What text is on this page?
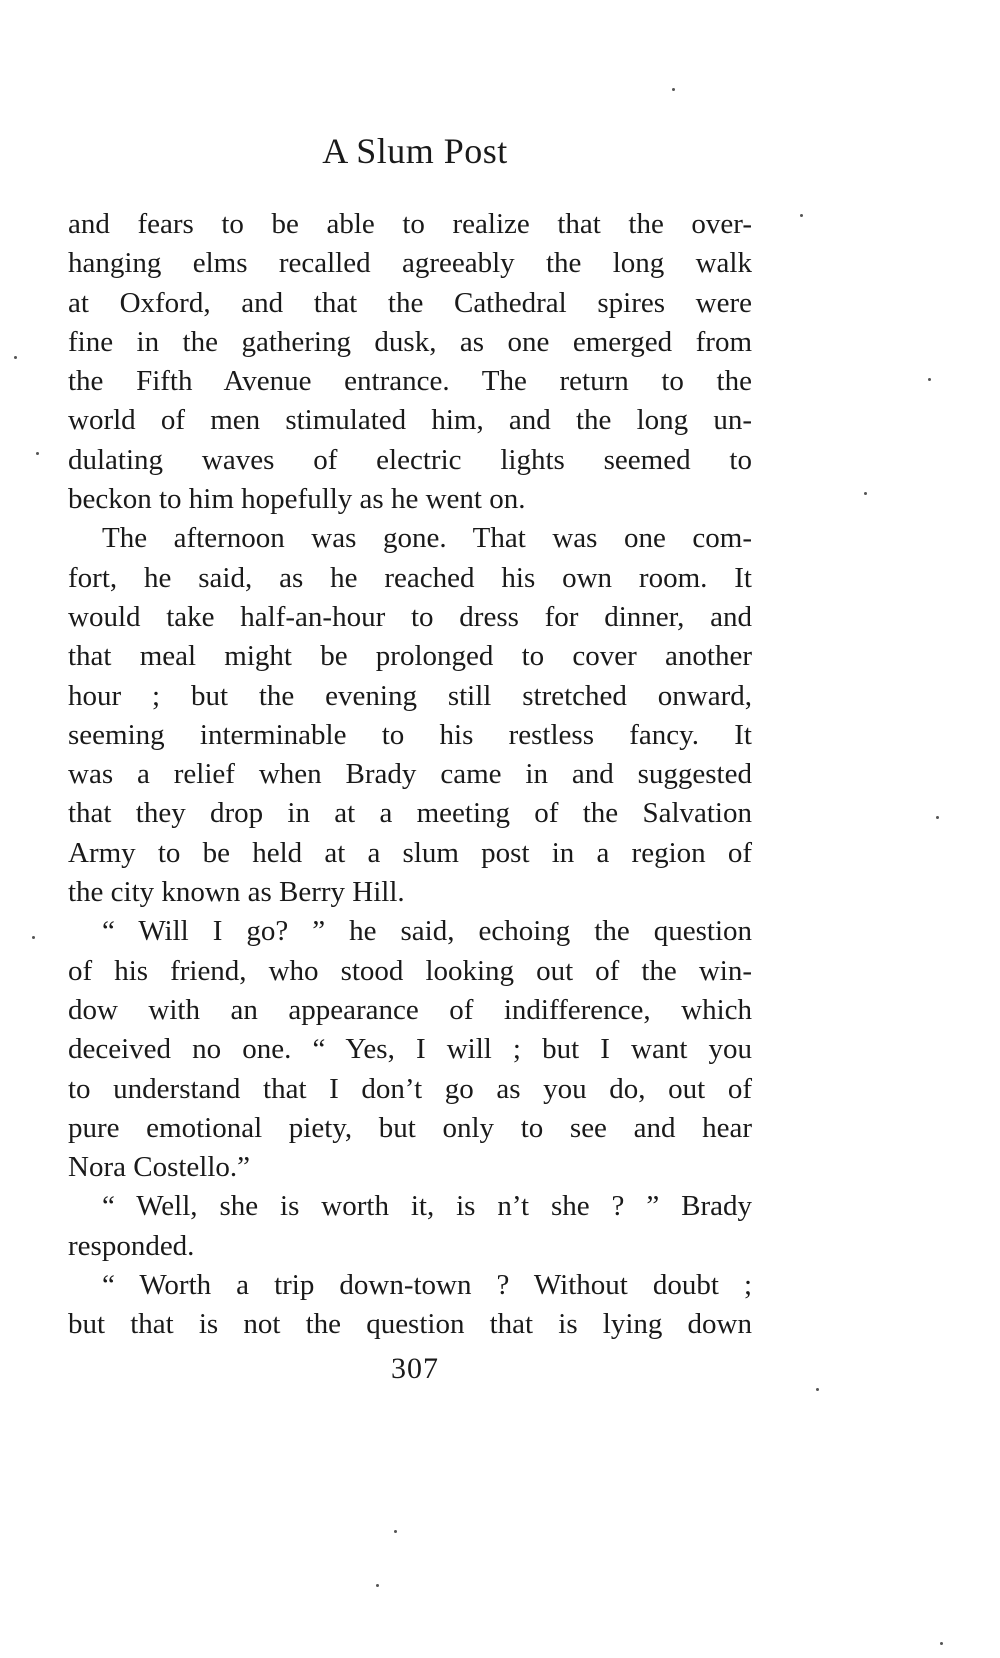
A Slum Post
and fears to be able to realize that the over-
hanging elms recalled agreeably the long walk
at Oxford, and that the Cathedral spires were
fine in the gathering dusk, as one emerged from
the Fifth Avenue entrance. The return to the
world of men stimulated him, and the long un-
dulating waves of electric lights seemed to
beckon to him hopefully as he went on.
The afternoon was gone. That was one com-
fort, he said, as he reached his own room. It
would take half-an-hour to dress for dinner, and
that meal might be prolonged to cover another
hour ; but the evening still stretched onward,
seeming interminable to his restless fancy. It
was a relief when Brady came in and suggested
that they drop in at a meeting of the Salvation
Army to be held at a slum post in a region of
the city known as Berry Hill.
“ Will I go? ” he said, echoing the question
of his friend, who stood looking out of the win-
dow with an appearance of indifference, which
deceived no one. “ Yes, I will ; but I want you
to understand that I don’t go as you do, out of
pure emotional piety, but only to see and hear
Nora Costello.”
“ Well, she is worth it, is n’t she ? ” Brady
responded.
“ Worth a trip down-town ? Without doubt ;
but that is not the question that is lying down
307
